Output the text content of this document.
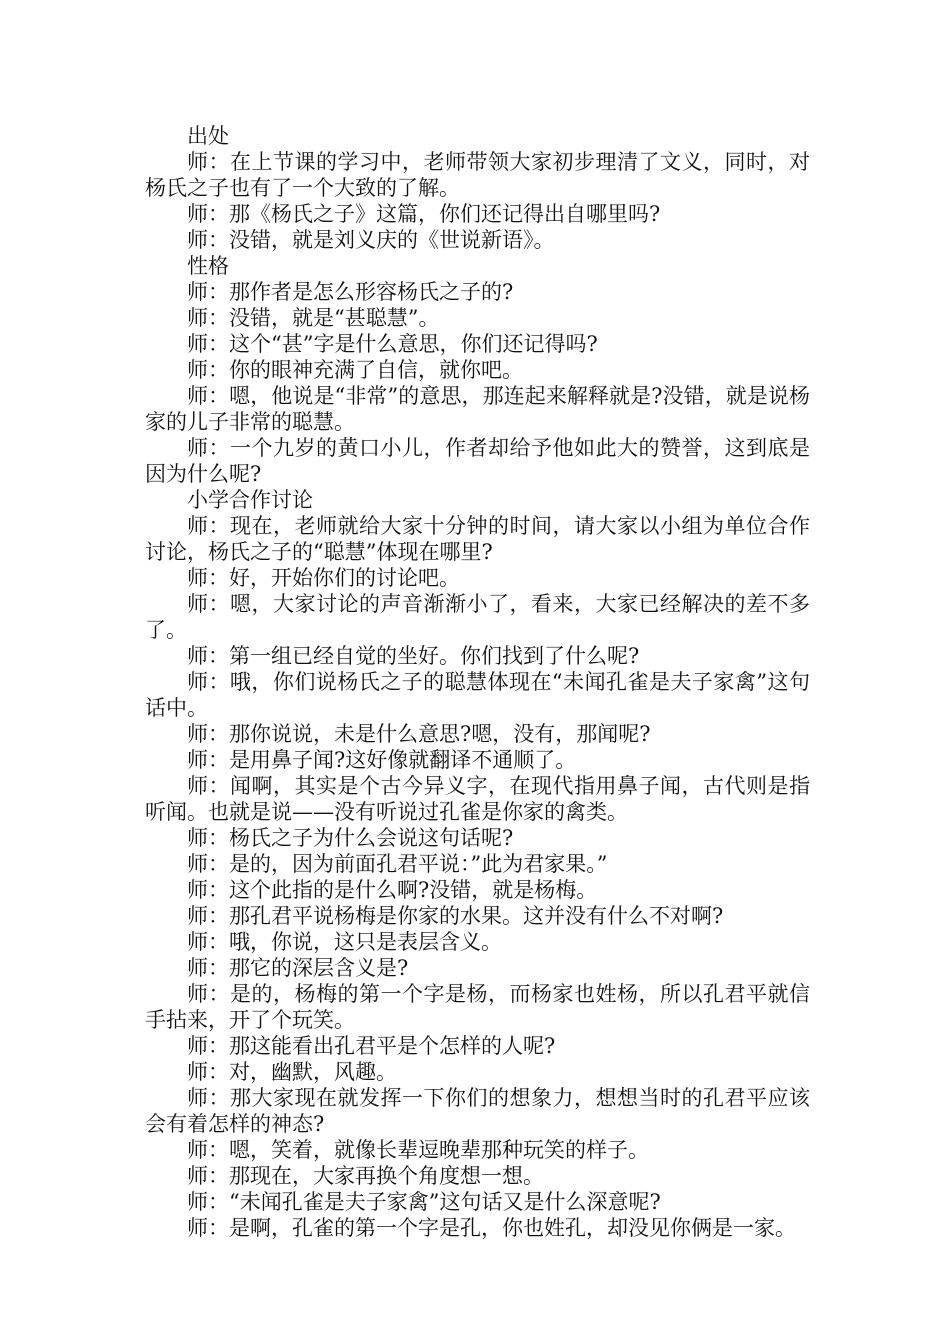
出处

师：在上节课的学习中，老师带领大家初步理清了文义，同时，对杨氏之子也有了一个大致的了解。

师：那《杨氏之子》这篇，你们还记得出自哪里吗?

师：没错，就是刘义庆的《世说新语》。

性格

师：那作者是怎么形容杨氏之子的?

师：没错，就是“甚聪慧”。

师：这个“甚”字是什么意思，你们还记得吗?

师：你的眼神充满了自信，就你吧。

师：嗯，他说是“非常”的意思，那连起来解释就是?没错，就是说杨家的儿子非常的聪慧。

师：一个九岁的黄口小儿，作者却给予他如此大的赞誉，这到底是因为什么呢?

小学合作讨论

师：现在，老师就给大家十分钟的时间，请大家以小组为单位合作讨论，杨氏之子的“聪慧”体现在哪里?

师：好，开始你们的讨论吧。

师：嗯，大家讨论的声音渐渐小了，看来，大家已经解决的差不多了。

师：第一组已经自觉的坐好。你们找到了什么呢?

师：哦，你们说杨氏之子的聪慧体现在“未闻孔雀是夫子家禽”这句话中。

师：那你说说，未是什么意思?嗯，没有，那闻呢?

师：是用鼻子闻?这好像就翻译不通顺了。

师：闻啊，其实是个古今异义字，在现代指用鼻子闻，古代则是指听闻。也就是说——没有听说过孔雀是你家的禽类。

师：杨氏之子为什么会说这句话呢?

师：是的，因为前面孔君平说：”此为君家果。”

师：这个此指的是什么啊?没错，就是杨梅。

师：那孔君平说杨梅是你家的水果。这并没有什么不对啊?

师：哦，你说，这只是表层含义。

师：那它的深层含义是?

师：是的，杨梅的第一个字是杨，而杨家也姓杨，所以孔君平就信手拈来，开了个玩笑。

师：那这能看出孔君平是个怎样的人呢?

师：对，幽默，风趣。

师：那大家现在就发挥一下你们的想象力，想想当时的孔君平应该会有着怎样的神态?

师：嗯，笑着，就像长辈逗晚辈那种玩笑的样子。

师：那现在，大家再换个角度想一想。

师：“未闻孔雀是夫子家禽”这句话又是什么深意呢?

师：是啊，孔雀的第一个字是孔，你也姓孔，却没见你俩是一家。
